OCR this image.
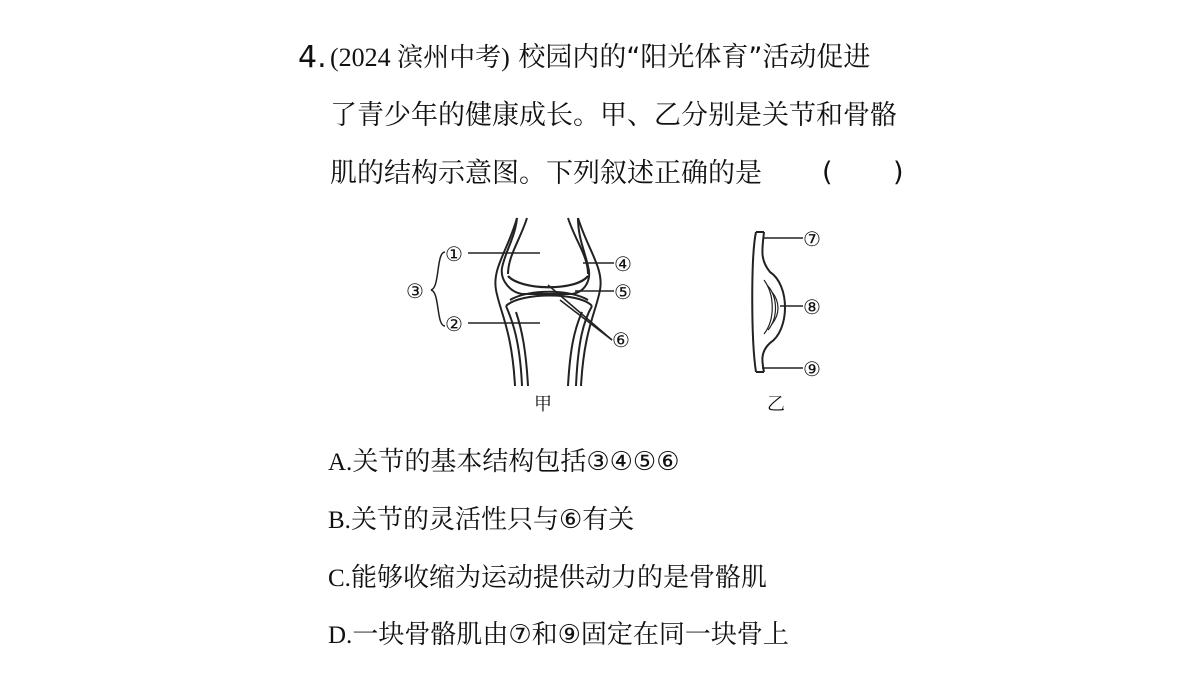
4. (2024 滨州中考) 校园内的“阳光体育”活动促进
了青少年的健康成长。甲、乙分别是关节和骨骼
肌的结构示意图。下列叙述正确的是 ( )
①
②
③
④
⑤
⑥
⑦
⑧
⑨
甲	乙
A.关节的基本结构包括③④⑤⑥
B.关节的灵活性只与⑥有关
C.能够收缩为运动提供动力的是骨骼肌
D.一块骨骼肌由⑦和⑨固定在同一块骨上
